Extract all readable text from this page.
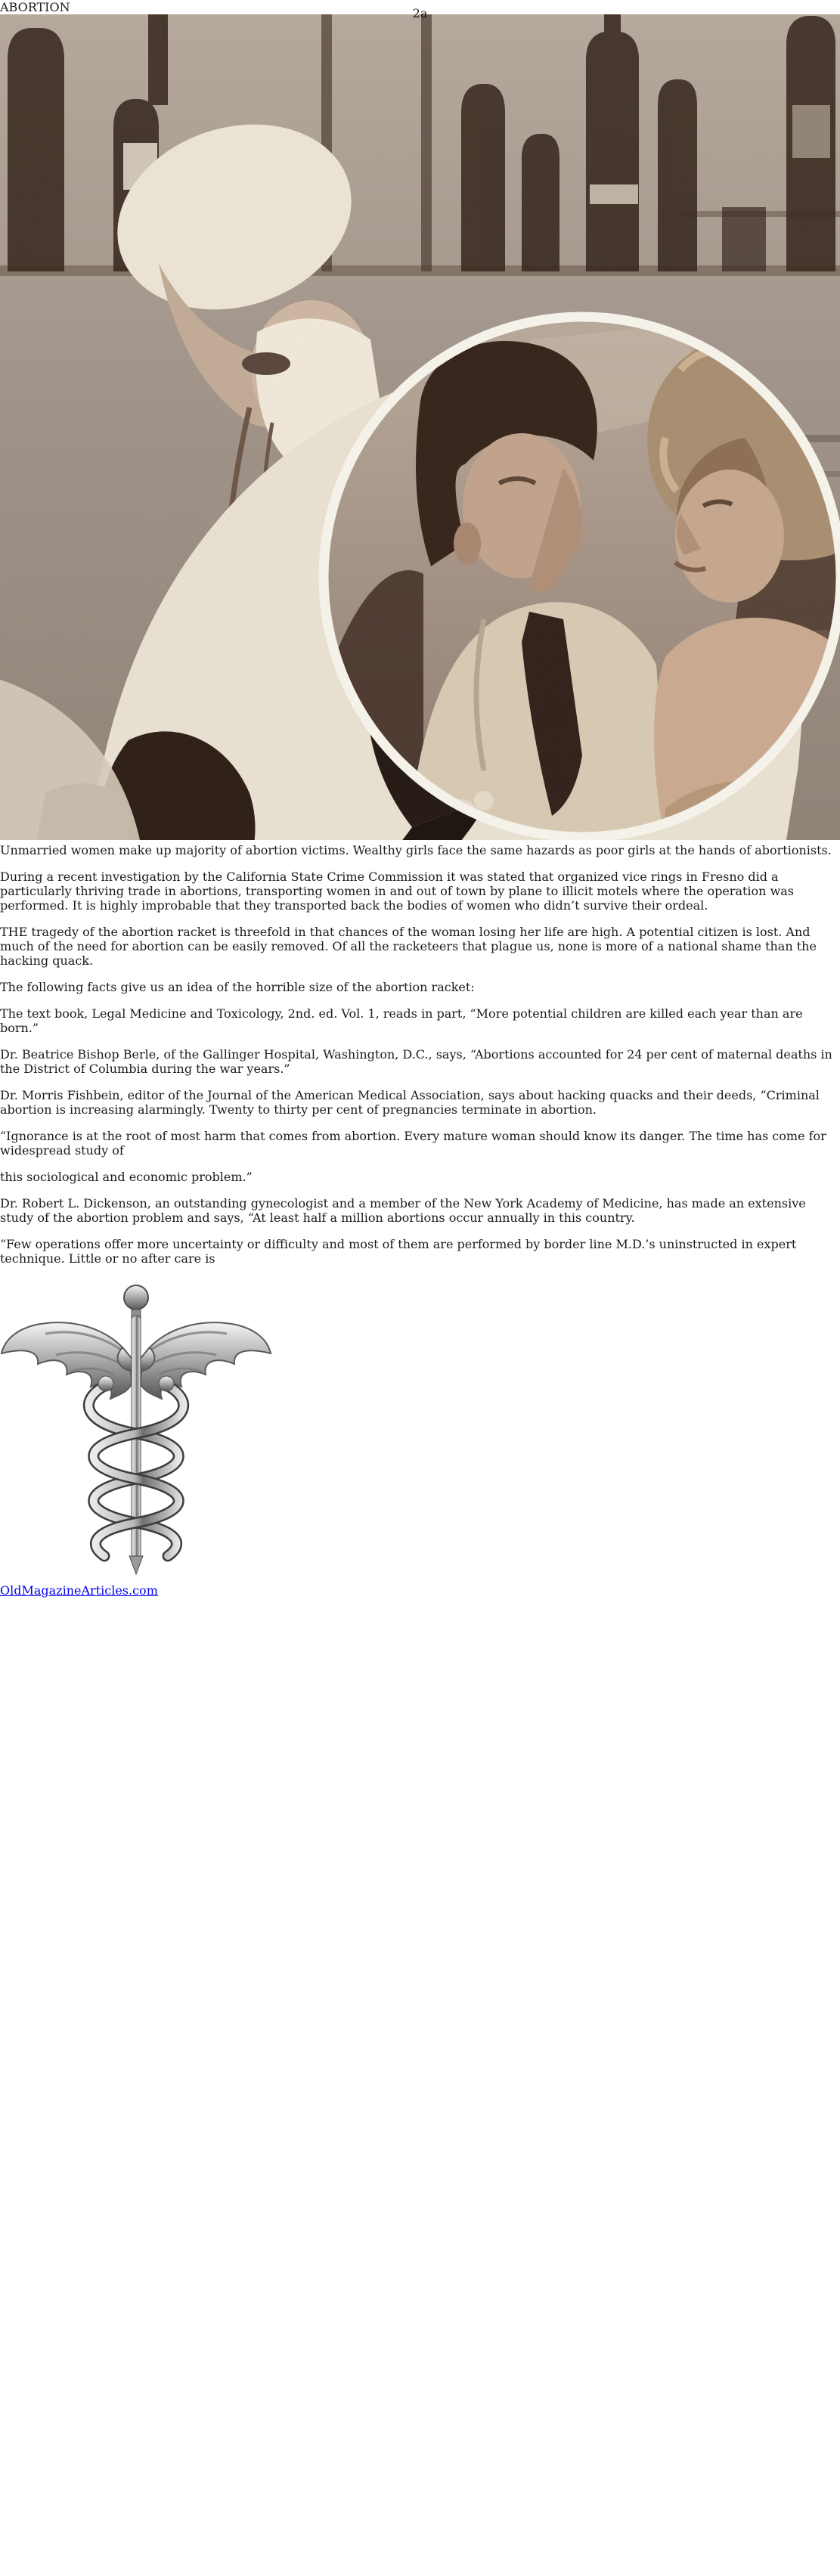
2a
ABORTION
Unmarried women make up majority of abortion victims. Wealthy girls face the same hazards as poor girls at the hands of abortionists.

During a recent investigation by the California State Crime Commission it was stated that organized vice rings in Fresno did a particularly thriving trade in abortions, transporting women in and out of town by plane to illicit motels where the operation was performed. It is highly improbable that they transported back the bodies of women who didn’t survive their ordeal.

THE tragedy of the abortion racket is threefold in that chances of the woman losing her life are high. A potential citizen is lost. And much of the need for abortion can be easily removed. Of all the racketeers that plague us, none is more of a national shame than the hacking quack.

The following facts give us an idea of the horrible size of the abortion racket:

The text book, Legal Medicine and Toxicology, 2nd. ed. Vol. 1, reads in part, “More potential children are killed each year than are born.”

Dr. Beatrice Bishop Berle, of the Gallinger Hospital, Washington, D.C., says, “Abortions accounted for 24 per cent of maternal deaths in the District of Columbia during the war years.”

Dr. Morris Fishbein, editor of the Journal of the American Medical Association, says about hacking quacks and their deeds, “Criminal abortion is increasing alarmingly. Twenty to thirty per cent of pregnancies terminate in abortion.

“Ignorance is at the root of most harm that comes from abortion. Every mature woman should know its danger. The time has come for widespread study of

this sociological and economic problem.”

Dr. Robert L. Dickenson, an outstanding gynecologist and a member of the New York Academy of Medicine, has made an extensive study of the abortion problem and says, “At least half a million abortions occur annually in this country.

“Few operations offer more uncertainty or difficulty and most of them are performed by border line M.D.’s uninstructed in expert technique. Little or no after care is

OldMagazineArticles.com
